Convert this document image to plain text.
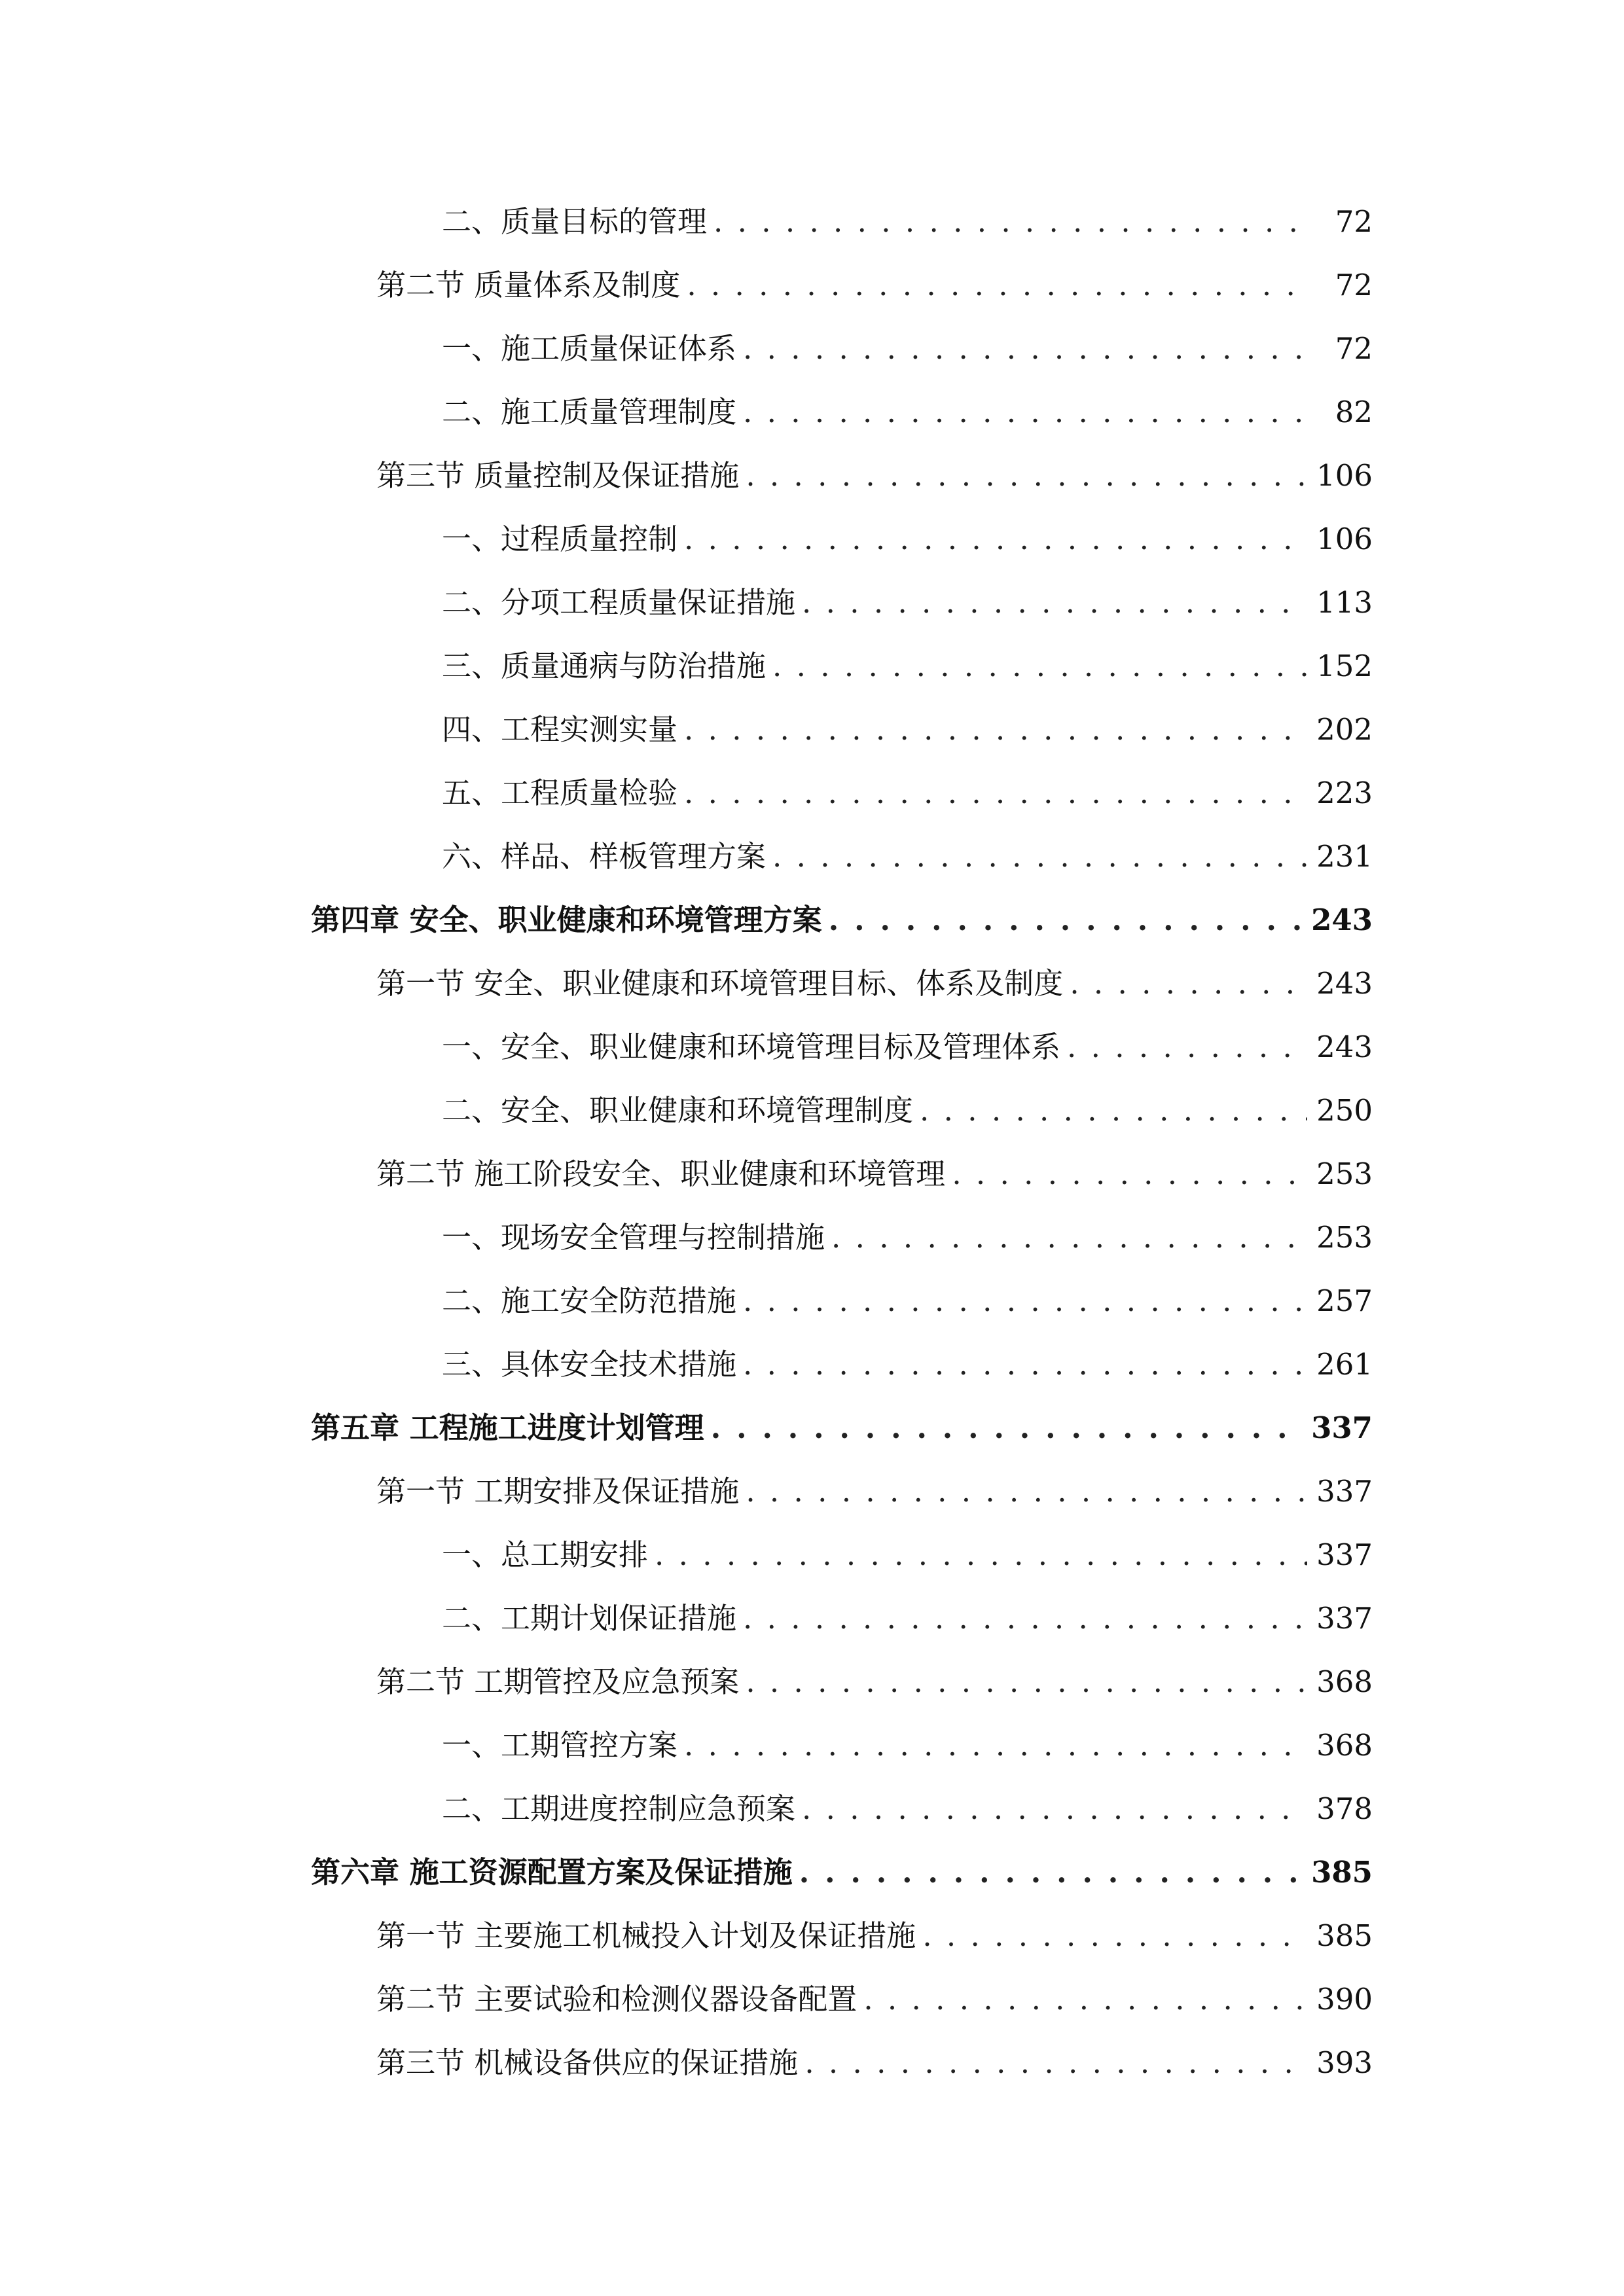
二、质量目标的管理 . . .	72
第二节 质量体系及制度 . . .	72
一、施工质量保证体系 . . .	72
二、施工质量管理制度 . . .	82
第三节 质量控制及保证措施 . . .	106
一、过程质量控制 . . .	106
二、分项工程质量保证措施 . . .	113
三、质量通病与防治措施 . . .	152
四、工程实测实量 . . .	202
五、工程质量检验 . . .	223
六、样品、样板管理方案 . . .	231
第四章 安全、职业健康和环境管理方案 . . .	243
第一节 安全、职业健康和环境管理目标、体系及制度 . . .	243
一、安全、职业健康和环境管理目标及管理体系 . . .	243
二、安全、职业健康和环境管理制度 . . .	250
第二节 施工阶段安全、职业健康和环境管理 . . .	253
一、现场安全管理与控制措施 . . .	253
二、施工安全防范措施 . . .	257
三、具体安全技术措施 . . .	261
第五章 工程施工进度计划管理 . . .	337
第一节 工期安排及保证措施 . . .	337
一、总工期安排 . . .	337
二、工期计划保证措施 . . .	337
第二节 工期管控及应急预案 . . .	368
一、工期管控方案 . . .	368
二、工期进度控制应急预案 . . .	378
第六章 施工资源配置方案及保证措施 . . .	385
第一节 主要施工机械投入计划及保证措施 . . .	385
第二节 主要试验和检测仪器设备配置 . . .	390
第三节 机械设备供应的保证措施 . . .	393
